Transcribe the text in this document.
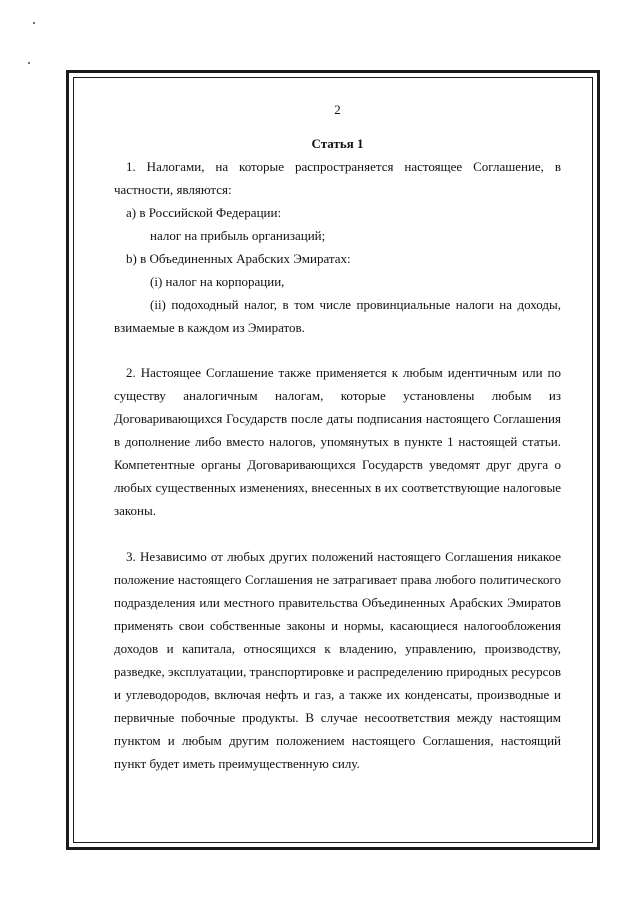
2
Статья 1

1. Налогами, на которые распространяется настоящее Соглашение, в частности, являются:

а) в Российской Федерации:

налог на прибыль организаций;

b) в Объединенных Арабских Эмиратах:

(i) налог на корпорации,

(ii) подоходный налог, в том числе провинциальные налоги на доходы, взимаемые в каждом из Эмиратов.

2. Настоящее Соглашение также применяется к любым идентичным или по существу аналогичным налогам, которые установлены любым из Договаривающихся Государств после даты подписания настоящего Соглашения в дополнение либо вместо налогов, упомянутых в пункте 1 настоящей статьи. Компетентные органы Договаривающихся Государств уведомят друг друга о любых существенных изменениях, внесенных в их соответствующие налоговые законы.

3. Независимо от любых других положений настоящего Соглашения никакое положение настоящего Соглашения не затрагивает права любого политического подразделения или местного правительства Объединенных Арабских Эмиратов применять свои собственные законы и нормы, касающиеся налогообложения доходов и капитала, относящихся к владению, управлению, производству, разведке, эксплуатации, транспортировке и распределению природных ресурсов и углеводородов, включая нефть и газ, а также их конденсаты, производные и первичные побочные продукты. В случае несоответствия между настоящим пунктом и любым другим положением настоящего Соглашения, настоящий пункт будет иметь преимущественную силу.
